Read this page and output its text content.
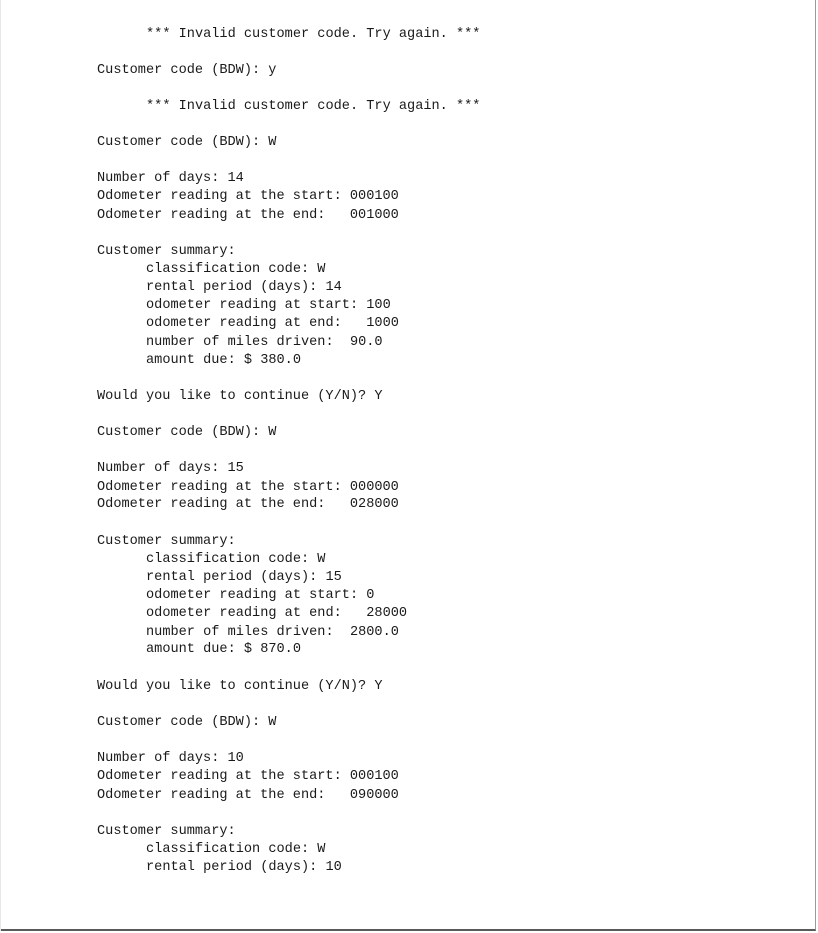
*** Invalid customer code. Try again. ***
Customer code (BDW): y
*** Invalid customer code. Try again. ***
Customer code (BDW): W
Number of days: 14
Odometer reading at the start: 000100
Odometer reading at the end:   001000
Customer summary:
classification code: W
rental period (days): 14
odometer reading at start: 100
odometer reading at end:   1000
number of miles driven:  90.0
amount due: $ 380.0
Would you like to continue (Y/N)? Y
Customer code (BDW): W
Number of days: 15
Odometer reading at the start: 000000
Odometer reading at the end:   028000
Customer summary:
classification code: W
rental period (days): 15
odometer reading at start: 0
odometer reading at end:   28000
number of miles driven:  2800.0
amount due: $ 870.0
Would you like to continue (Y/N)? Y
Customer code (BDW): W
Number of days: 10
Odometer reading at the start: 000100
Odometer reading at the end:   090000
Customer summary:
classification code: W
rental period (days): 10
